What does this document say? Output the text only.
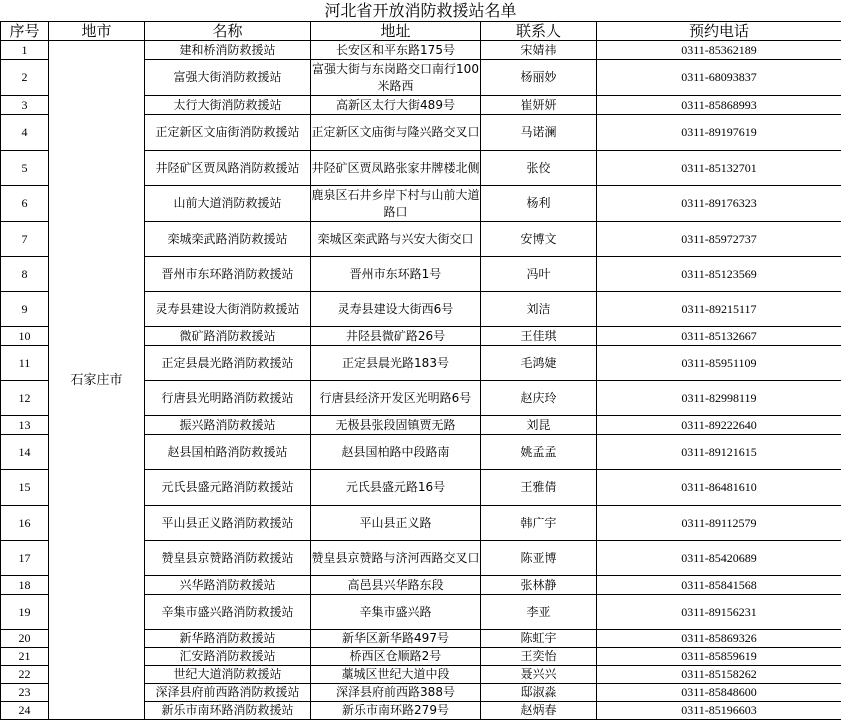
河北省开放消防救援站名单
序号	地市	名称	地址	联系人	预约电话
1	石家庄市	建和桥消防救援站	长安区和平东路175号	宋婧祎	0311-85362189
2		富强大街消防救援站	富强大街与东岗路交口南行100米路西	杨丽妙	0311-68093837
3		太行大街消防救援站	高新区太行大街489号	崔妍妍	0311-85868993
4		正定新区文庙街消防救援站	正定新区文庙街与隆兴路交叉口	马诺澜	0311-89197619
5		井陉矿区贾凤路消防救援站	井陉矿区贾凤路张家井牌楼北侧	张佼	0311-85132701
6		山前大道消防救援站	鹿泉区石井乡岸下村与山前大道路口	杨利	0311-89176323
7		栾城栾武路消防救援站	栾城区栾武路与兴安大街交口	安博文	0311-85972737
8		晋州市东环路消防救援站	晋州市东环路1号	冯叶	0311-85123569
9		灵寿县建设大街消防救援站	灵寿县建设大街西6号	刘洁	0311-89215117
10		微矿路消防救援站	井陉县微矿路26号	王佳琪	0311-85132667
11		正定县晨光路消防救援站	正定县晨光路183号	毛鸿婕	0311-85951109
12		行唐县光明路消防救援站	行唐县经济开发区光明路6号	赵庆玲	0311-82998119
13		振兴路消防救援站	无极县张段固镇贾无路	刘昆	0311-89222640
14		赵县国柏路消防救援站	赵县国柏路中段路南	姚孟孟	0311-89121615
15		元氏县盛元路消防救援站	元氏县盛元路16号	王雅倩	0311-86481610
16		平山县正义路消防救援站	平山县正义路	韩广宇	0311-89112579
17		赞皇县京赞路消防救援站	赞皇县京赞路与济河西路交叉口	陈亚博	0311-85420689
18		兴华路消防救援站	高邑县兴华路东段	张林静	0311-85841568
19		辛集市盛兴路消防救援站	辛集市盛兴路	李亚	0311-89156231
20		新华路消防救援站	新华区新华路497号	陈虹宇	0311-85869326
21		汇安路消防救援站	桥西区仓顺路2号	王奕怡	0311-85859619
22		世纪大道消防救援站	藁城区世纪大道中段	聂兴兴	0311-85158262
23		深泽县府前西路消防救援站	深泽县府前西路388号	邸淑淼	0311-85848600
24		新乐市南环路消防救援站	新乐市南环路279号	赵炳春	0311-85196603
